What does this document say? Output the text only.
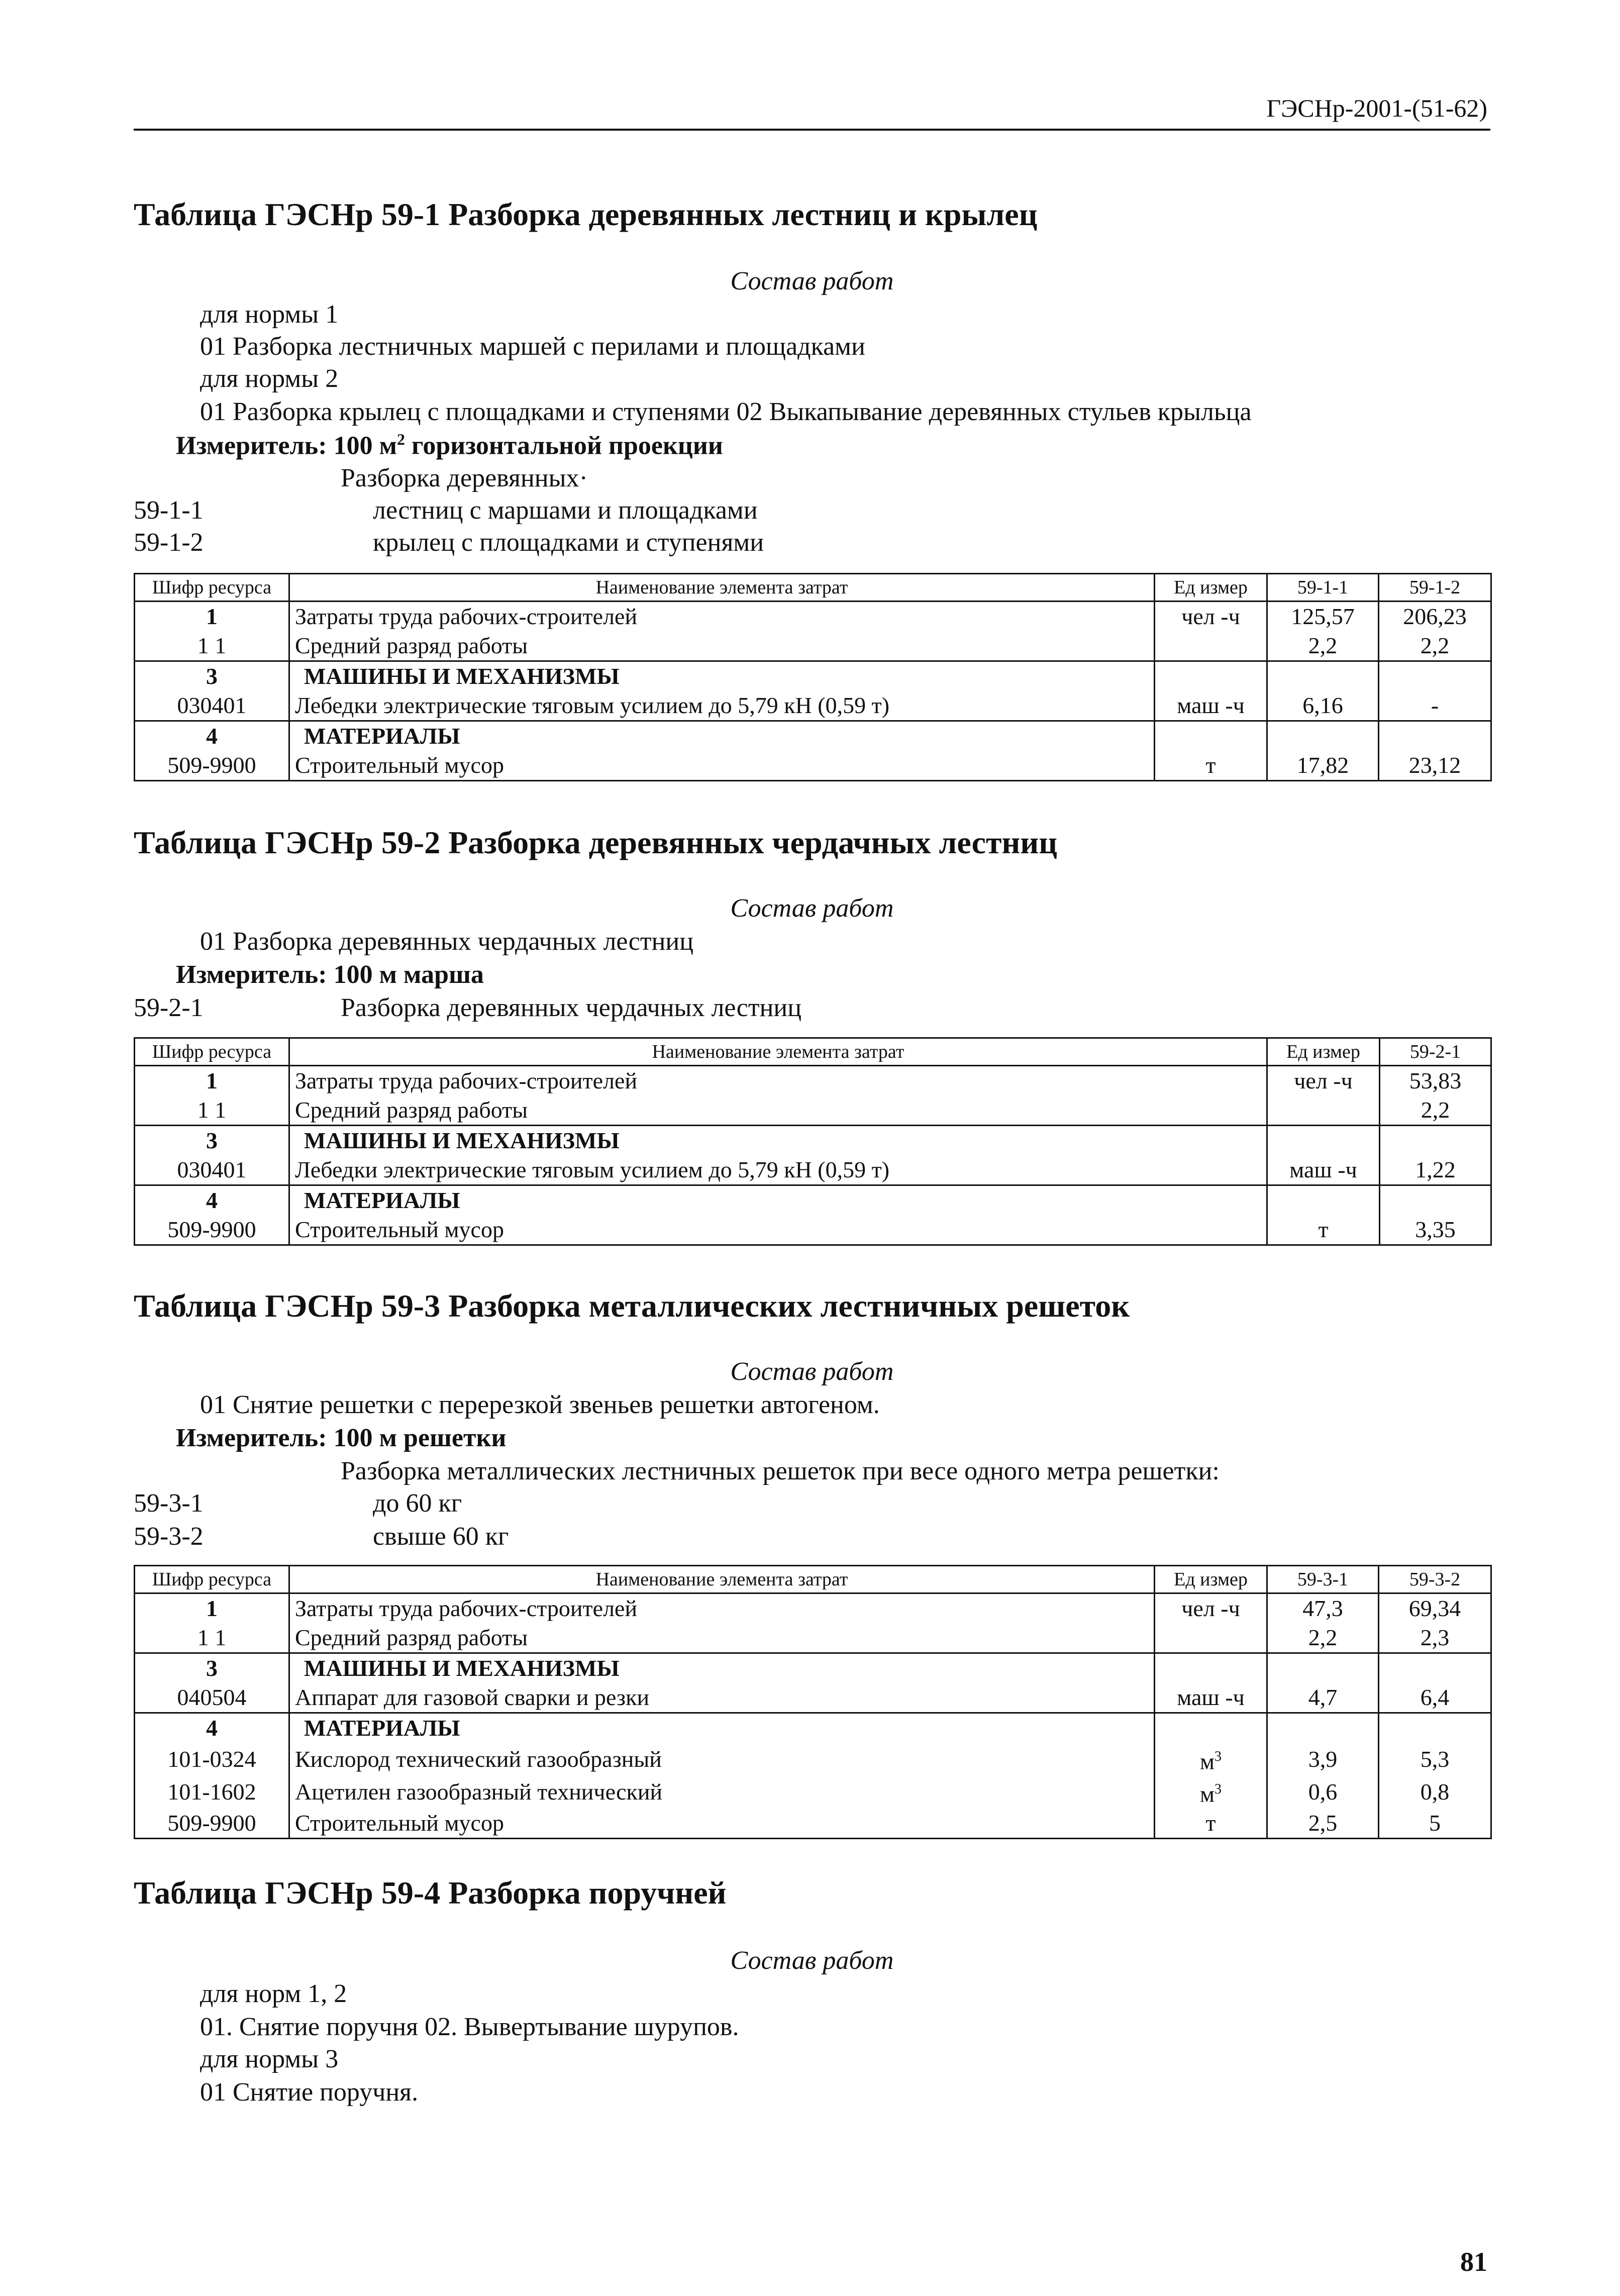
ГЭСНр-2001-(51-62)
Таблица ГЭСНр 59-1 Разборка деревянных лестниц и крылец
Состав работ
для нормы 1
01 Разборка лестничных маршей с перилами и площадками
для нормы 2
01 Разборка крылец с площадками и ступенями 02 Выкапывание деревянных стульев крыльца
Измеритель: 100 $м^2$ горизонтальной проекции
Разборка деревянных·
59-1-1	лестниц с маршами и площадками
59-1-2	крылец с площадками и ступенями
Шифр ресурса	Наименование элемента затрат	Ед измер	59-1-1	59-1-2
1	Затраты труда рабочих-строителей	чел -ч	125,57	206,23
1 1	Средний разряд работы		2,2	2,2
3	МАШИНЫ И МЕХАНИЗМЫ			
030401	Лебедки электрические тяговым усилием до 5,79 кН (0,59 т)	маш -ч	6,16	-
4	МАТЕРИАЛЫ			
509-9900	Строительный мусор	т	17,82	23,12
Таблица ГЭСНр 59-2 Разборка деревянных чердачных лестниц
Состав работ
01 Разборка деревянных чердачных лестниц
Измеритель: 100 м марша
59-2-1	Разборка деревянных чердачных лестниц
Шифр ресурса	Наименование элемента затрат	Ед измер	59-2-1
1	Затраты труда рабочих-строителей	чел -ч	53,83
1 1	Средний разряд работы		2,2
3	МАШИНЫ И МЕХАНИЗМЫ		
030401	Лебедки электрические тяговым усилием до 5,79 кН (0,59 т)	маш -ч	1,22
4	МАТЕРИАЛЫ		
509-9900	Строительный мусор	т	3,35
Таблица ГЭСНр 59-3 Разборка металлических лестничных решеток
Состав работ
01 Снятие решетки с перерезкой звеньев решетки автогеном.
Измеритель: 100 м решетки
Разборка металлических лестничных решеток при весе одного метра решетки:
59-3-1	до 60 кг
59-3-2	свыше 60 кг
Шифр ресурса	Наименование элемента затрат	Ед измер	59-3-1	59-3-2
1	Затраты труда рабочих-строителей	чел -ч	47,3	69,34
1 1	Средний разряд работы		2,2	2,3
3	МАШИНЫ И МЕХАНИЗМЫ			
040504	Аппарат для газовой сварки и резки	маш -ч	4,7	6,4
4	МАТЕРИАЛЫ			
101-0324	Кислород технический газообразный	$м^3$	3,9	5,3
101-1602	Ацетилен газообразный технический	$м^3$	0,6	0,8
509-9900	Строительный мусор	т	2,5	5
Таблица ГЭСНр 59-4 Разборка поручней
Состав работ
для норм 1, 2
01. Снятие поручня 02. Вывертывание шурупов.
для нормы 3
01 Снятие поручня.
81
